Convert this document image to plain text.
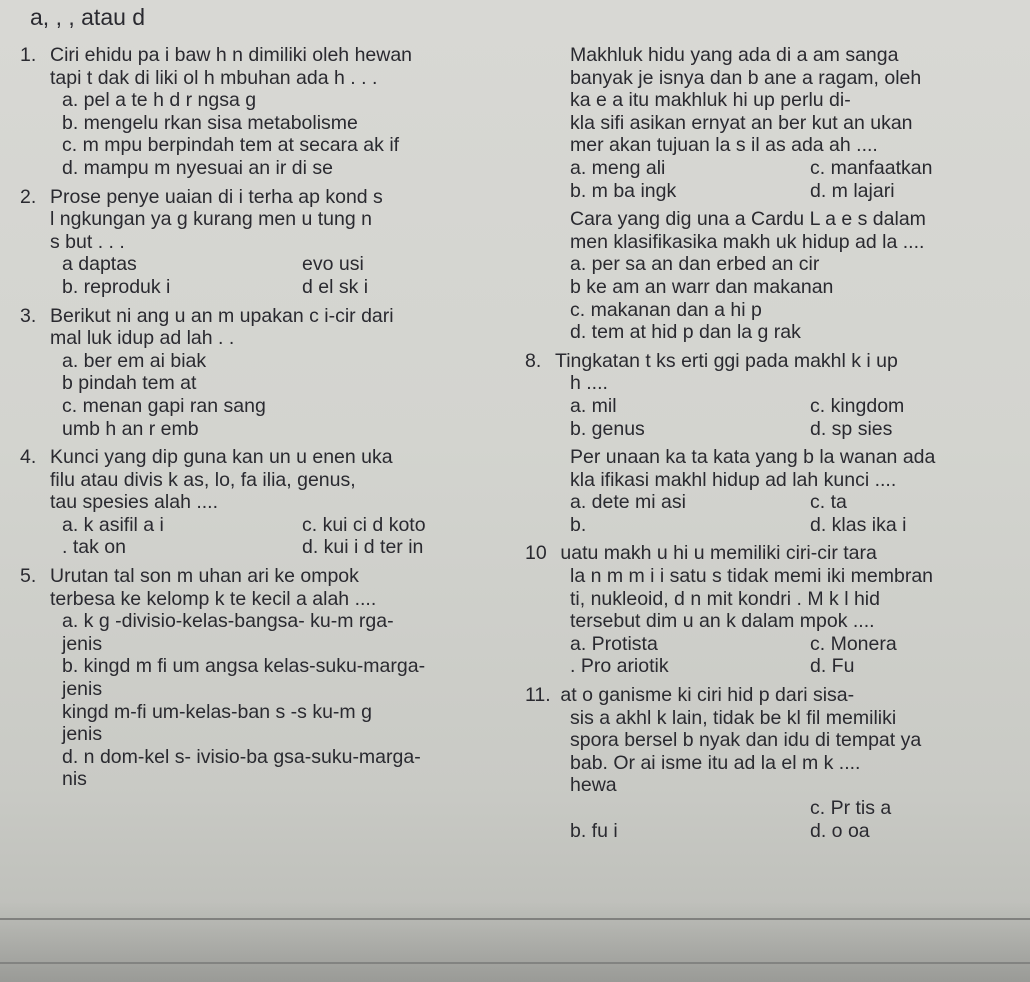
a, , , atau d
1. Ciri ehidu pa i baw h n dimiliki oleh hewan
tapi t dak di liki ol h mbuhan ada h . . .
a. pel a te h d r ngsa g
b. mengelu rkan sisa metabolisme
c. m mpu berpindah tem at secara ak if
d. mampu m nyesuai an ir di se
2. Prose penye uaian di i terha ap kond s
l ngkungan ya g kurang men u tung n
s but . . .
a daptas	evo usi
b. reproduk i	d el sk i
3. Berikut ni ang u an m upakan c i-cir dari
mal luk idup ad lah . .
a. ber em ai biak
b pindah tem at
c. menan gapi ran sang
umb h an r emb
4. Kunci yang dip guna kan un u enen uka
filu atau divis k as, lo, fa ilia, genus,
tau spesies alah ....
a. k asifil a i	c. kui ci d koto
. tak on	d. kui i d ter in
5. Urutan tal son m uhan ari ke ompok
terbesa ke kelomp k te kecil a alah ....
a. k g -divisio-kelas-bangsa- ku-m rga-
jenis
b. kingd m fi um angsa kelas-suku-marga-
jenis
kingd m-fi um-kelas-ban s -s ku-m g
jenis
d. n dom-kel s- ivisio-ba gsa-suku-marga-
nis
Makhluk hidu yang ada di a am sanga
banyak je isnya dan b ane a ragam, oleh
ka e a itu makhluk hi up perlu di-
kla sifi asikan ernyat an ber kut an ukan
mer akan tujuan la s il as ada ah ....
a. meng ali	c. manfaatkan
b. m ba ingk	d. m lajari
Cara yang dig una a Cardu L a e s dalam
men klasifikasika makh uk hidup ad la ....
a. per sa an dan erbed an cir
b ke am an warr dan makanan
c. makanan dan a hi p
d. tem at hid p dan la g rak
8. Tingkatan t ks erti ggi pada makhl k i up
h ....
a. mil	c. kingdom
b. genus	d. sp sies
Per unaan ka ta kata yang b la wanan ada
kla ifikasi makhl hidup ad lah kunci ....
a. dete mi asi	c. ta
b.	d. klas ika i
10 uatu makh u hi u memiliki ciri-cir tara
la n m m i i satu s tidak memi iki membran
ti, nukleoid, d n mit kondri . M k l hid
tersebut dim u an k dalam mpok ....
a. Protista	c. Monera
. Pro ariotik	d. Fu
11. at o ganisme ki ciri hid p dari sisa-
sis a akhl k lain, tidak be kl fil memiliki
spora bersel b nyak dan idu di tempat ya
bab. Or ai isme itu ad la el m k ....
hewa
c. Pr tis a
b. fu i	d. o oa
